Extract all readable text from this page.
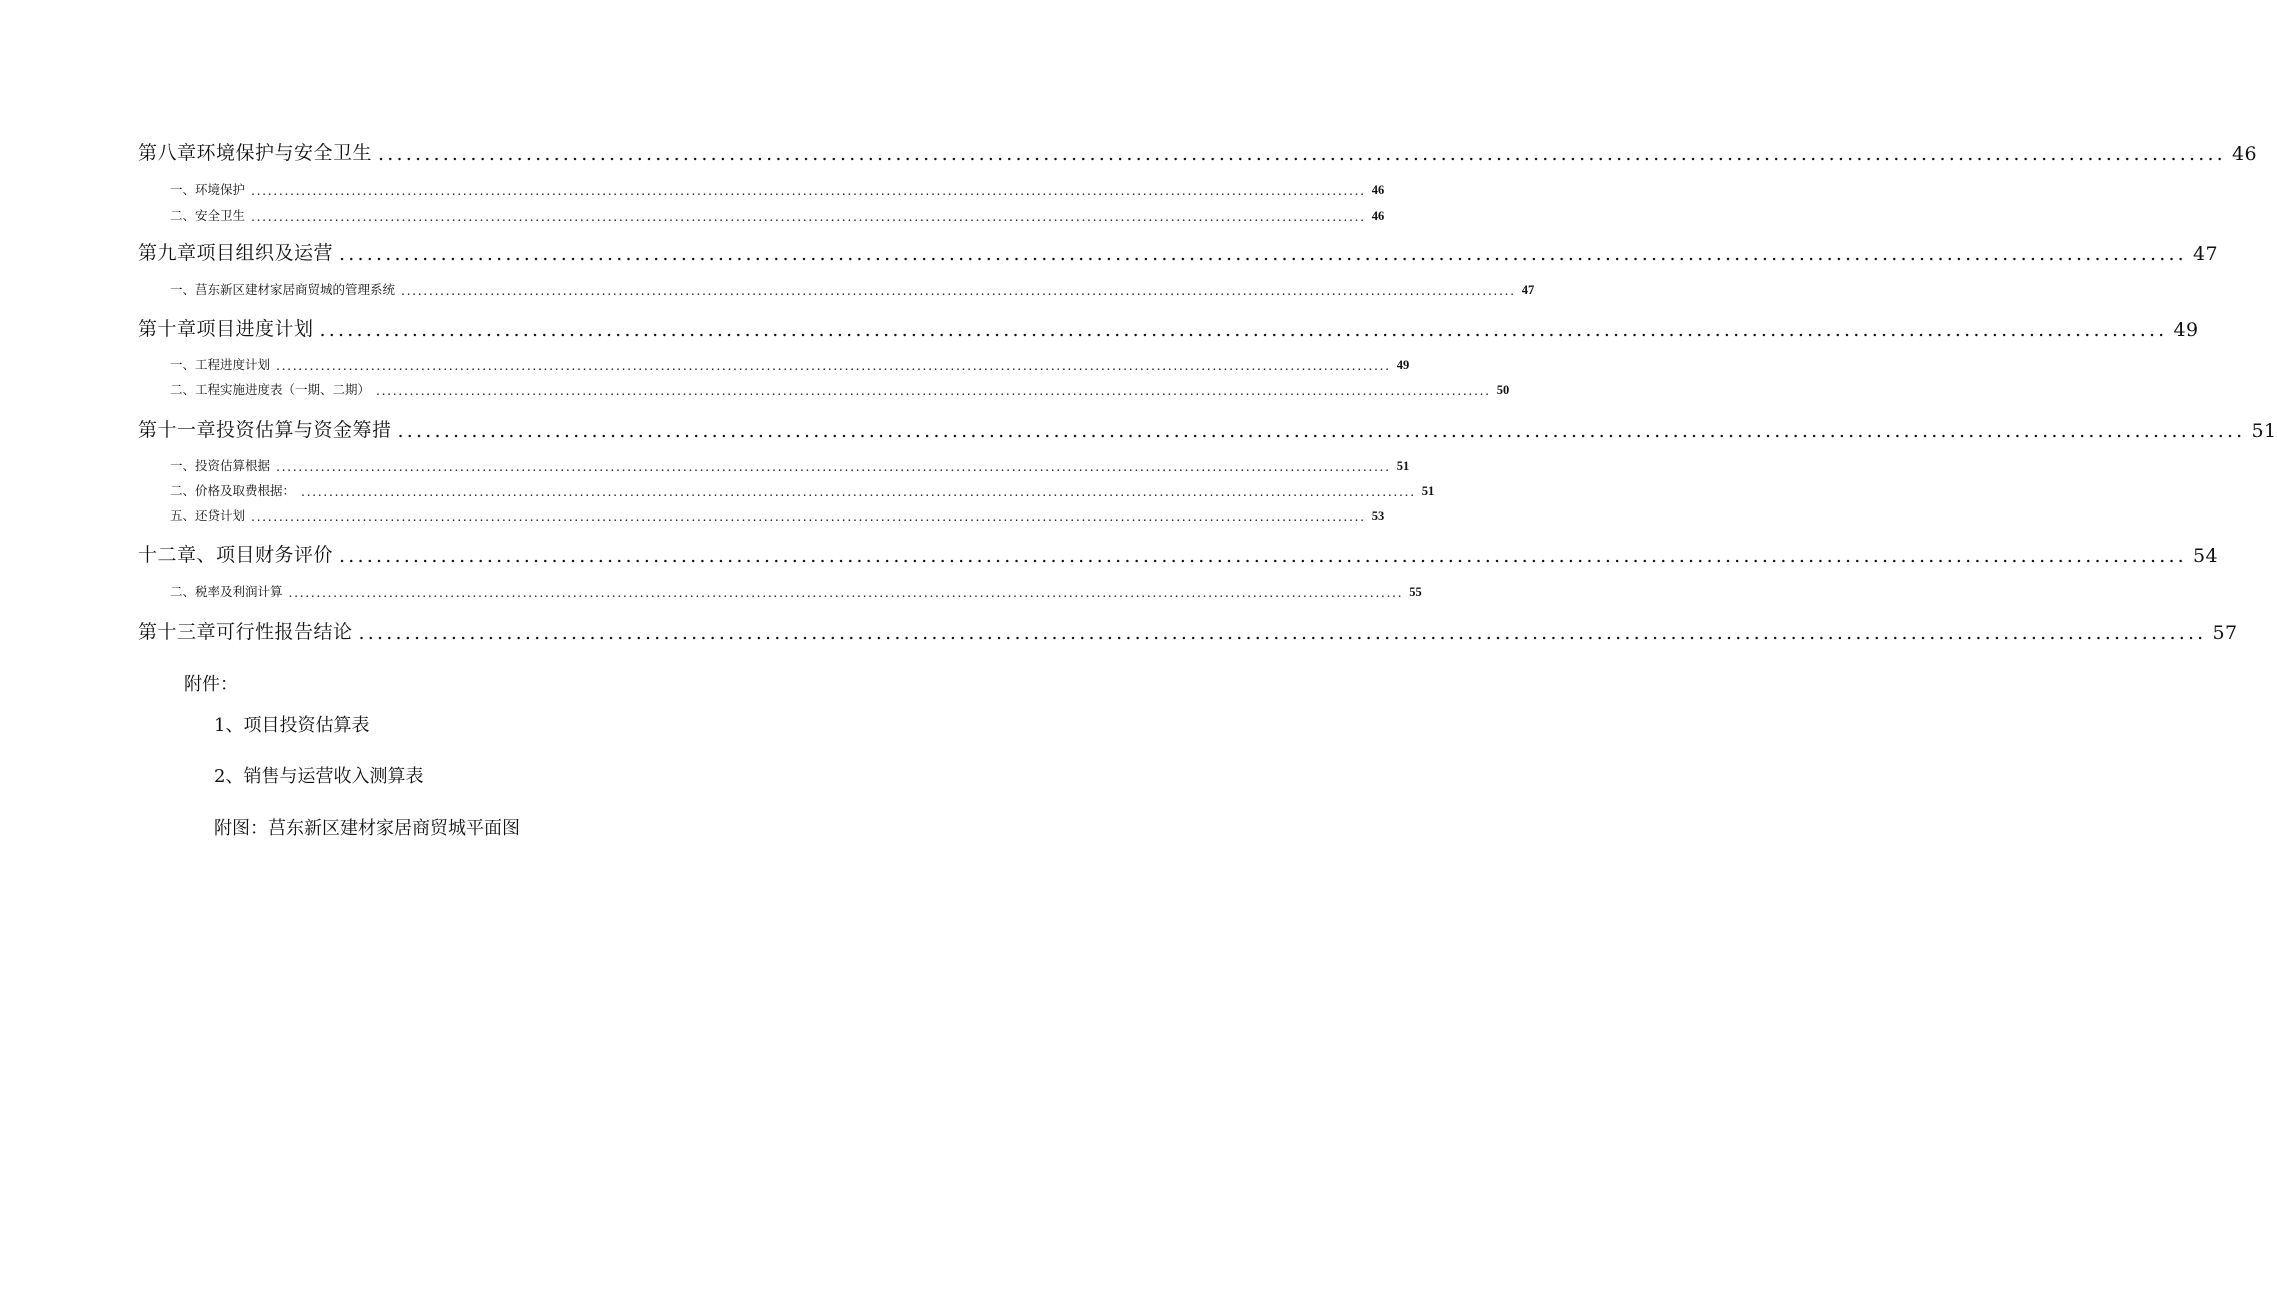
第八章环境保护与安全卫生 ........................................................................................................................................................................................................ 46
一、环境保护 ........................................................................................................................................................................................................ 46
二、安全卫生 ........................................................................................................................................................................................................ 46
第九章项目组织及运营 ........................................................................................................................................................................................................ 47
一、莒东新区建材家居商贸城的管理系统 ........................................................................................................................................................................................................ 47
第十章项目进度计划 ........................................................................................................................................................................................................ 49
一、工程进度计划 ........................................................................................................................................................................................................ 49
二、工程实施进度表（一期、二期） ........................................................................................................................................................................................................ 50
第十一章投资估算与资金筹措 ........................................................................................................................................................................................................ 51
一、投资估算根据 ........................................................................................................................................................................................................ 51
二、价格及取费根据： ........................................................................................................................................................................................................ 51
五、还贷计划 ........................................................................................................................................................................................................ 53
十二章、项目财务评价 ........................................................................................................................................................................................................ 54
二、税率及利润计算 ........................................................................................................................................................................................................ 55
第十三章可行性报告结论 ........................................................................................................................................................................................................ 57
附件：
1、项目投资估算表
2、销售与运营收入测算表
附图：莒东新区建材家居商贸城平面图
